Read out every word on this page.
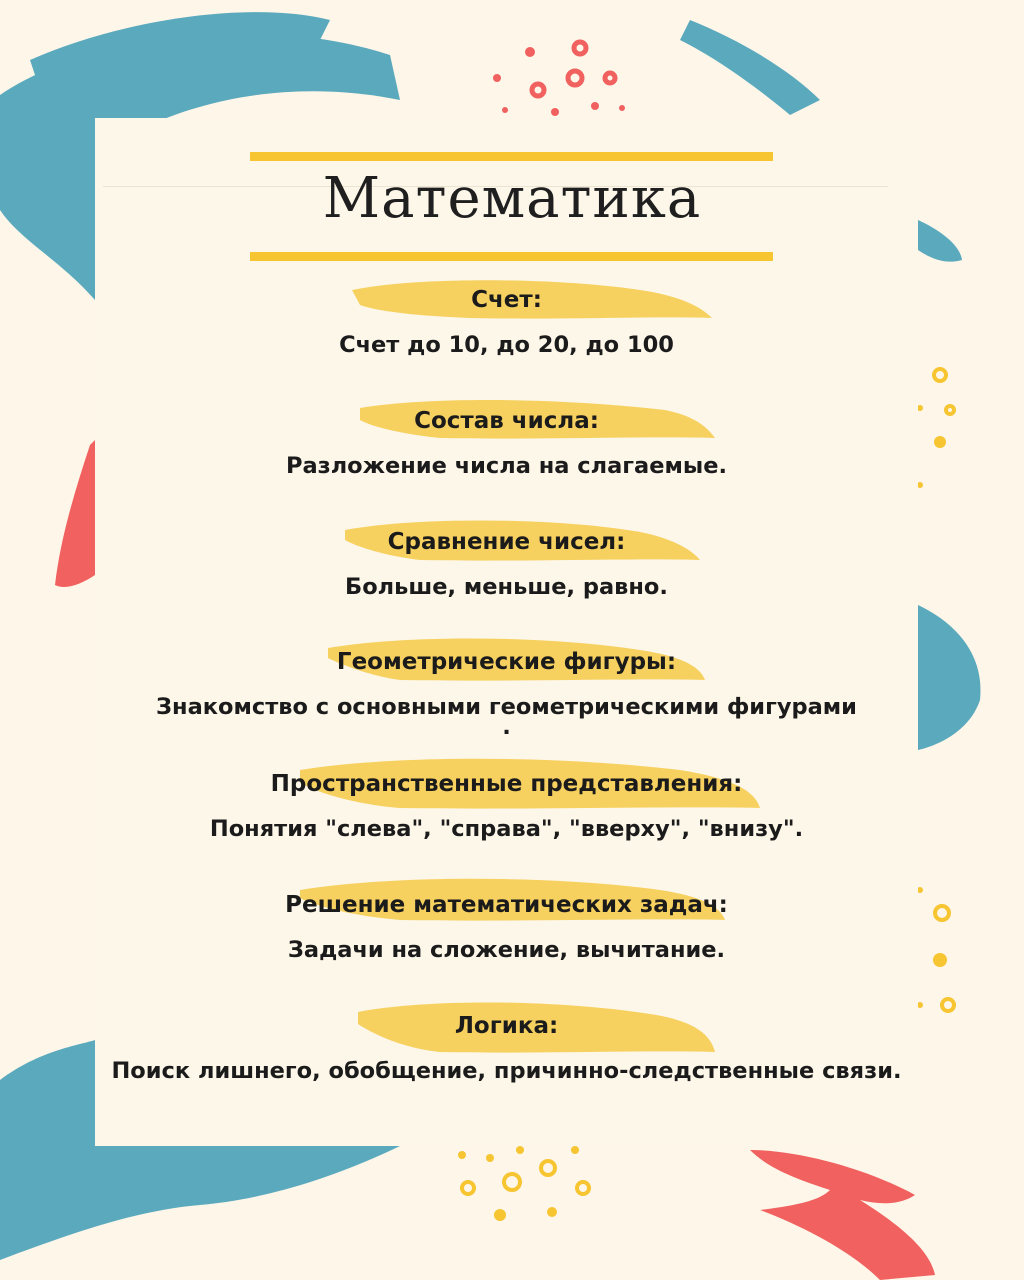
Математика
Счет:
Счет до 10, до 20, до 100
Состав числа:
Разложение числа на слагаемые.
Сравнение чисел:
Больше, меньше, равно.
Геометрические фигуры:
Знакомство с основными геометрическими фигурами
.
Пространственные представления:
Понятия "слева", "справа", "вверху", "внизу".
Решение математических задач:
Задачи на сложение, вычитание.
Логика:
Поиск лишнего, обобщение, причинно-следственные связи.
